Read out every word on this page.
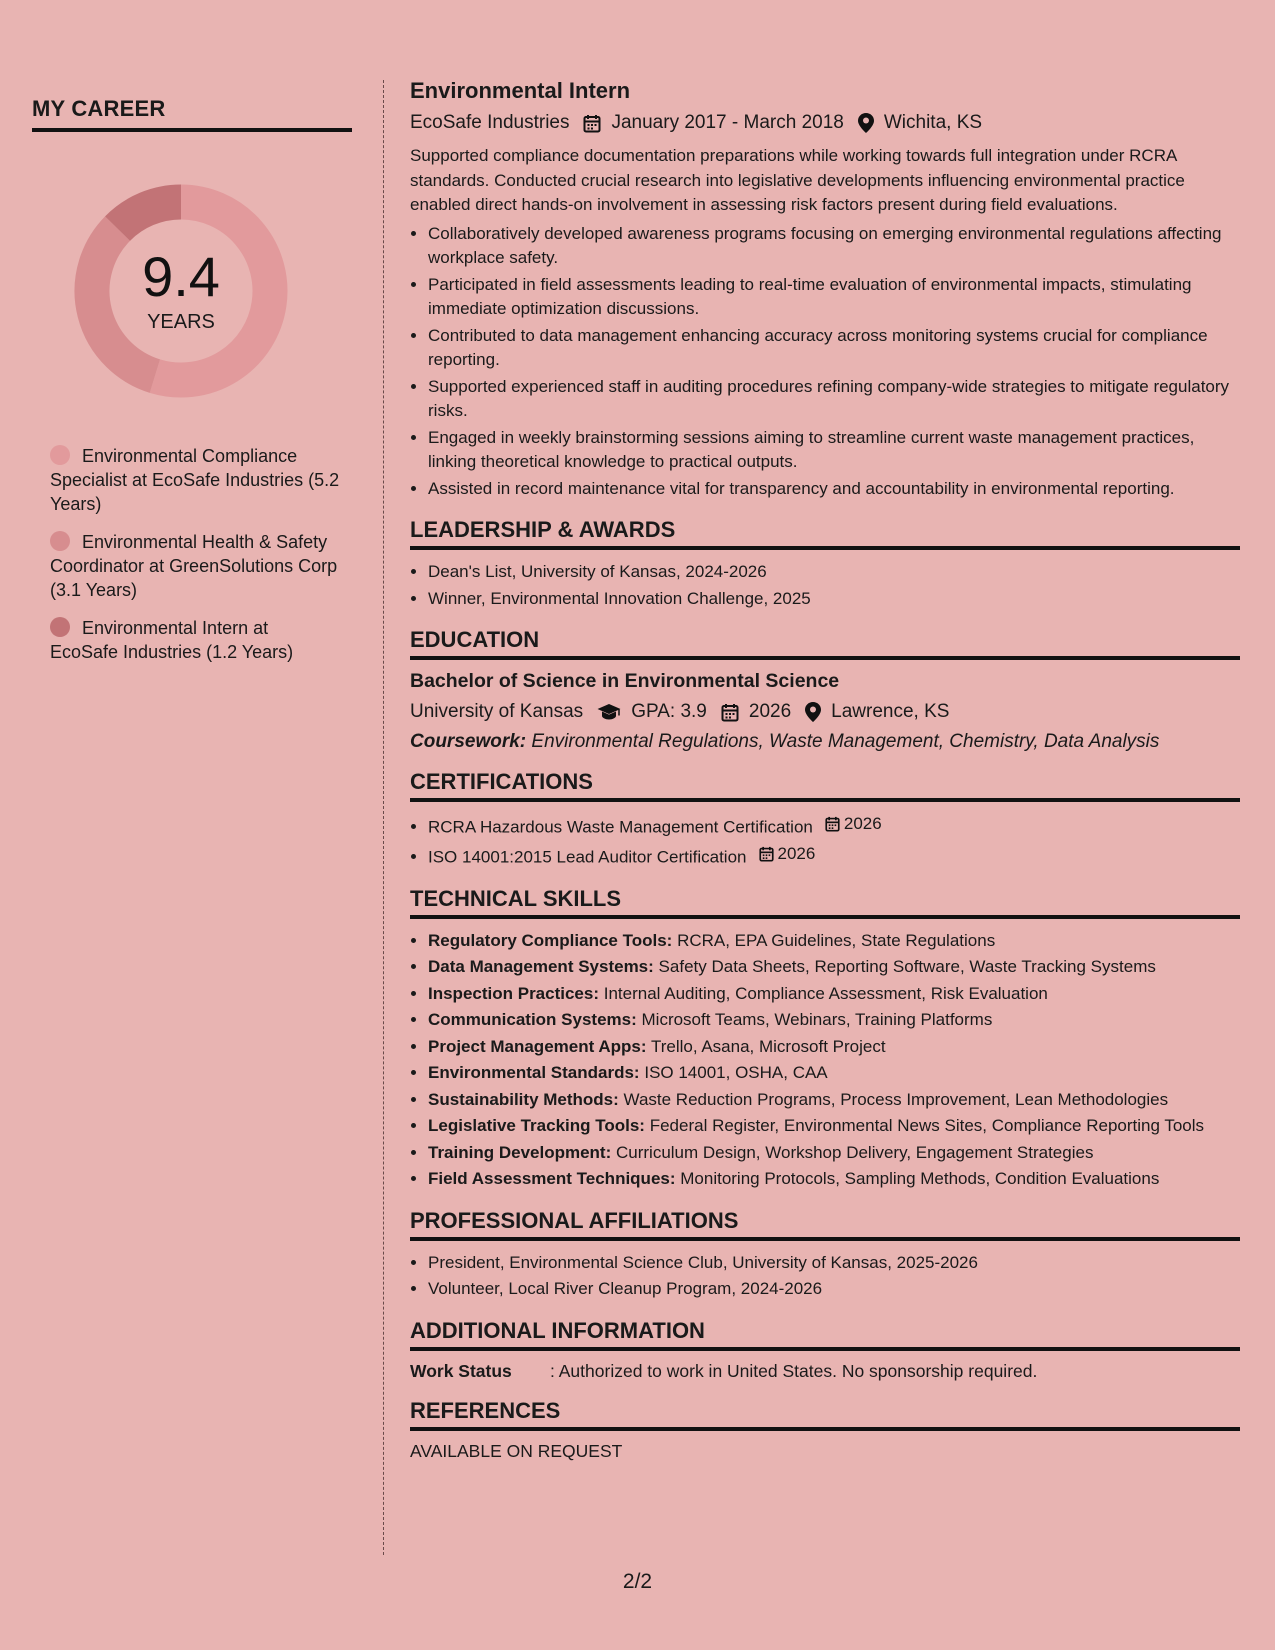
MY CAREER
9.4
YEARS
Environmental Compliance Specialist at EcoSafe Industries (5.2 Years)
Environmental Health & Safety Coordinator at GreenSolutions Corp (3.1 Years)
Environmental Intern at EcoSafe Industries (1.2 Years)
Environmental Intern
EcoSafe Industries January 2017 - March 2018 Wichita, KS

Supported compliance documentation preparations while working towards full integration under RCRA standards. Conducted crucial research into legislative developments influencing environmental practice enabled direct hands-on involvement in assessing risk factors present during field evaluations.

• Collaboratively developed awareness programs focusing on emerging environmental regulations affecting workplace safety.
• Participated in field assessments leading to real-time evaluation of environmental impacts, stimulating immediate optimization discussions.
• Contributed to data management enhancing accuracy across monitoring systems crucial for compliance reporting.
• Supported experienced staff in auditing procedures refining company-wide strategies to mitigate regulatory risks.
• Engaged in weekly brainstorming sessions aiming to streamline current waste management practices, linking theoretical knowledge to practical outputs.
• Assisted in record maintenance vital for transparency and accountability in environmental reporting.
LEADERSHIP & AWARDS
• Dean's List, University of Kansas, 2024-2026
• Winner, Environmental Innovation Challenge, 2025
EDUCATION
Bachelor of Science in Environmental Science
University of Kansas	GPA: 3.9 2026 Lawrence, KS
Coursework: Environmental Regulations, Waste Management, Chemistry, Data Analysis
CERTIFICATIONS
• RCRA Hazardous Waste Management Certification 2026
• ISO 14001:2015 Lead Auditor Certification 2026
TECHNICAL SKILLS
• Regulatory Compliance Tools: RCRA, EPA Guidelines, State Regulations
• Data Management Systems: Safety Data Sheets, Reporting Software, Waste Tracking Systems
• Inspection Practices: Internal Auditing, Compliance Assessment, Risk Evaluation
• Communication Systems: Microsoft Teams, Webinars, Training Platforms
• Project Management Apps: Trello, Asana, Microsoft Project
• Environmental Standards: ISO 14001, OSHA, CAA
• Sustainability Methods: Waste Reduction Programs, Process Improvement, Lean Methodologies
• Legislative Tracking Tools: Federal Register, Environmental News Sites, Compliance Reporting Tools
• Training Development: Curriculum Design, Workshop Delivery, Engagement Strategies
• Field Assessment Techniques: Monitoring Protocols, Sampling Methods, Condition Evaluations
PROFESSIONAL AFFILIATIONS
• President, Environmental Science Club, University of Kansas, 2025-2026
• Volunteer, Local River Cleanup Program, 2024-2026
ADDITIONAL INFORMATION
Work Status	: Authorized to work in United States. No sponsorship required.
REFERENCES
AVAILABLE ON REQUEST
2/2
